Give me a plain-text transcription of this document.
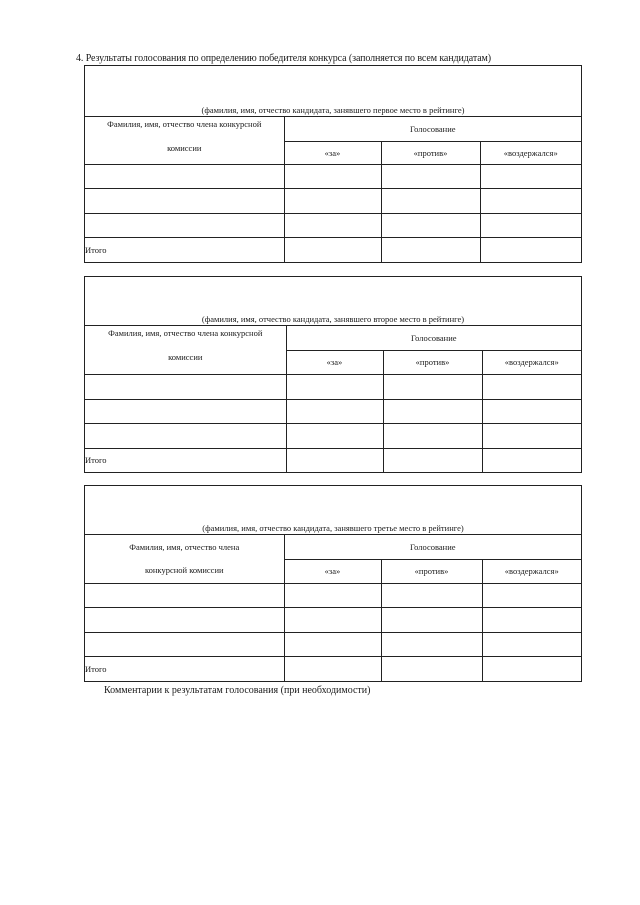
4. Результаты голосования по определению победителя конкурса (заполняется по всем кандидатам)
(фамилия, имя, отчество кандидата, занявшего первое место в рейтинге)
Фамилия, имя, отчество члена конкурсной
комиссии	Голосование		
	«за»	«против»	«воздержался»

Итого			
(фамилия, имя, отчество кандидата, занявшего второе место в рейтинге)
Фамилия, имя, отчество члена конкурсной
комиссии	Голосование		
	«за»	«против»	«воздержался»

Итого			
(фамилия, имя, отчество кандидата, занявшего третье место в рейтинге)
Фамилия, имя, отчество члена
конкурсной комиссии	Голосование		
	«за»	«против»	«воздержался»

Итого			
Комментарии к результатам голосования (при необходимости)
